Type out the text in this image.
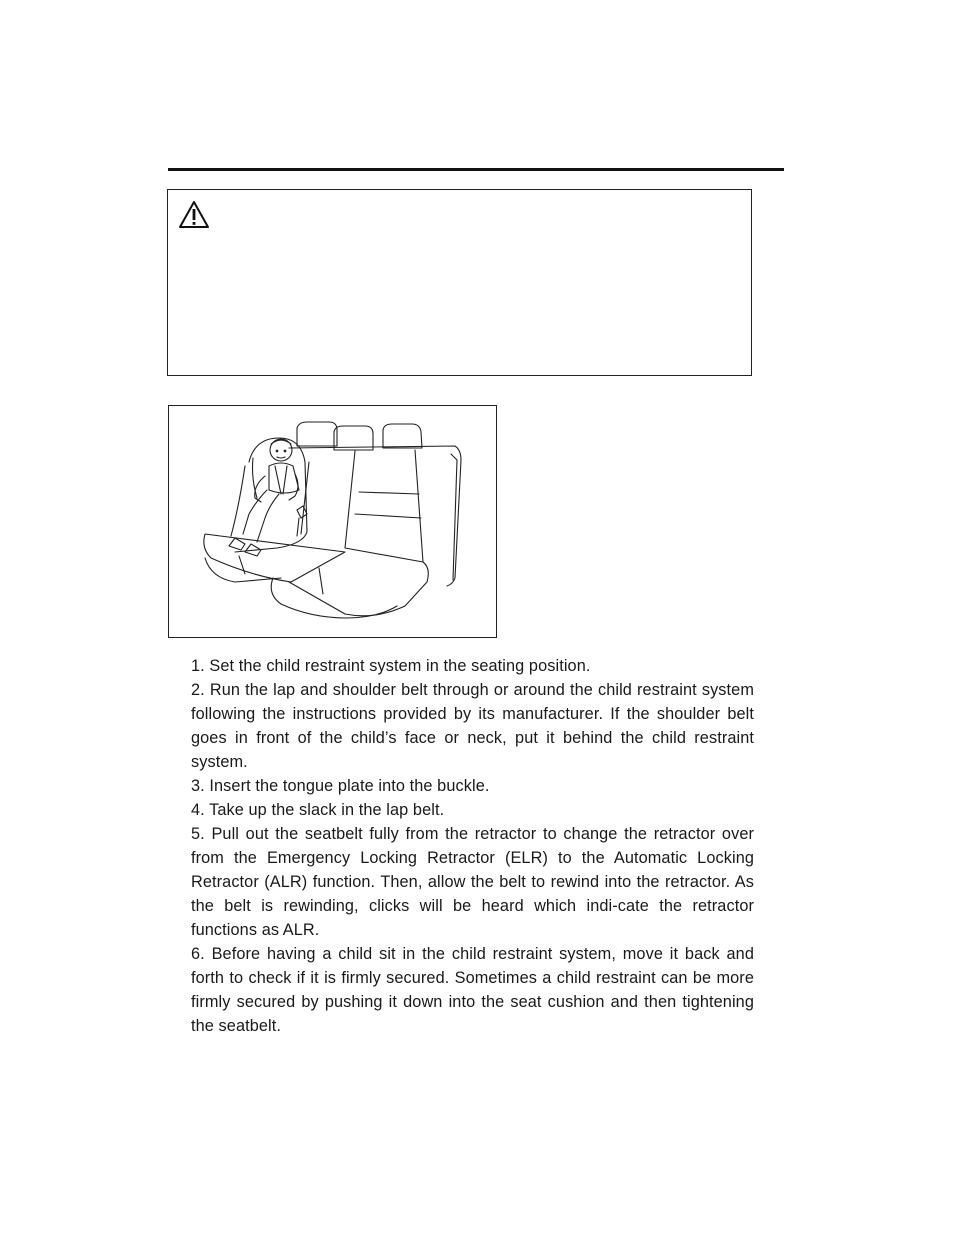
1. Set the child restraint system in the seating position.

2. Run the lap and shoulder belt through or around the child restraint system following the instructions provided by its manufacturer. If the shoulder belt goes in front of the child’s face or neck, put it behind the child restraint system.

3. Insert the tongue plate into the buckle.

4. Take up the slack in the lap belt.

5. Pull out the seatbelt fully from the retractor to change the retractor over from the Emergency Locking Retractor (ELR) to the Automatic Locking Retractor (ALR) function. Then, allow the belt to rewind into the retractor. As the belt is rewinding, clicks will be heard which indi-cate the retractor functions as ALR.

6. Before having a child sit in the child restraint system, move it back and forth to check if it is firmly secured. Sometimes a child restraint can be more firmly secured by pushing it down into the seat cushion and then tightening the seatbelt.
